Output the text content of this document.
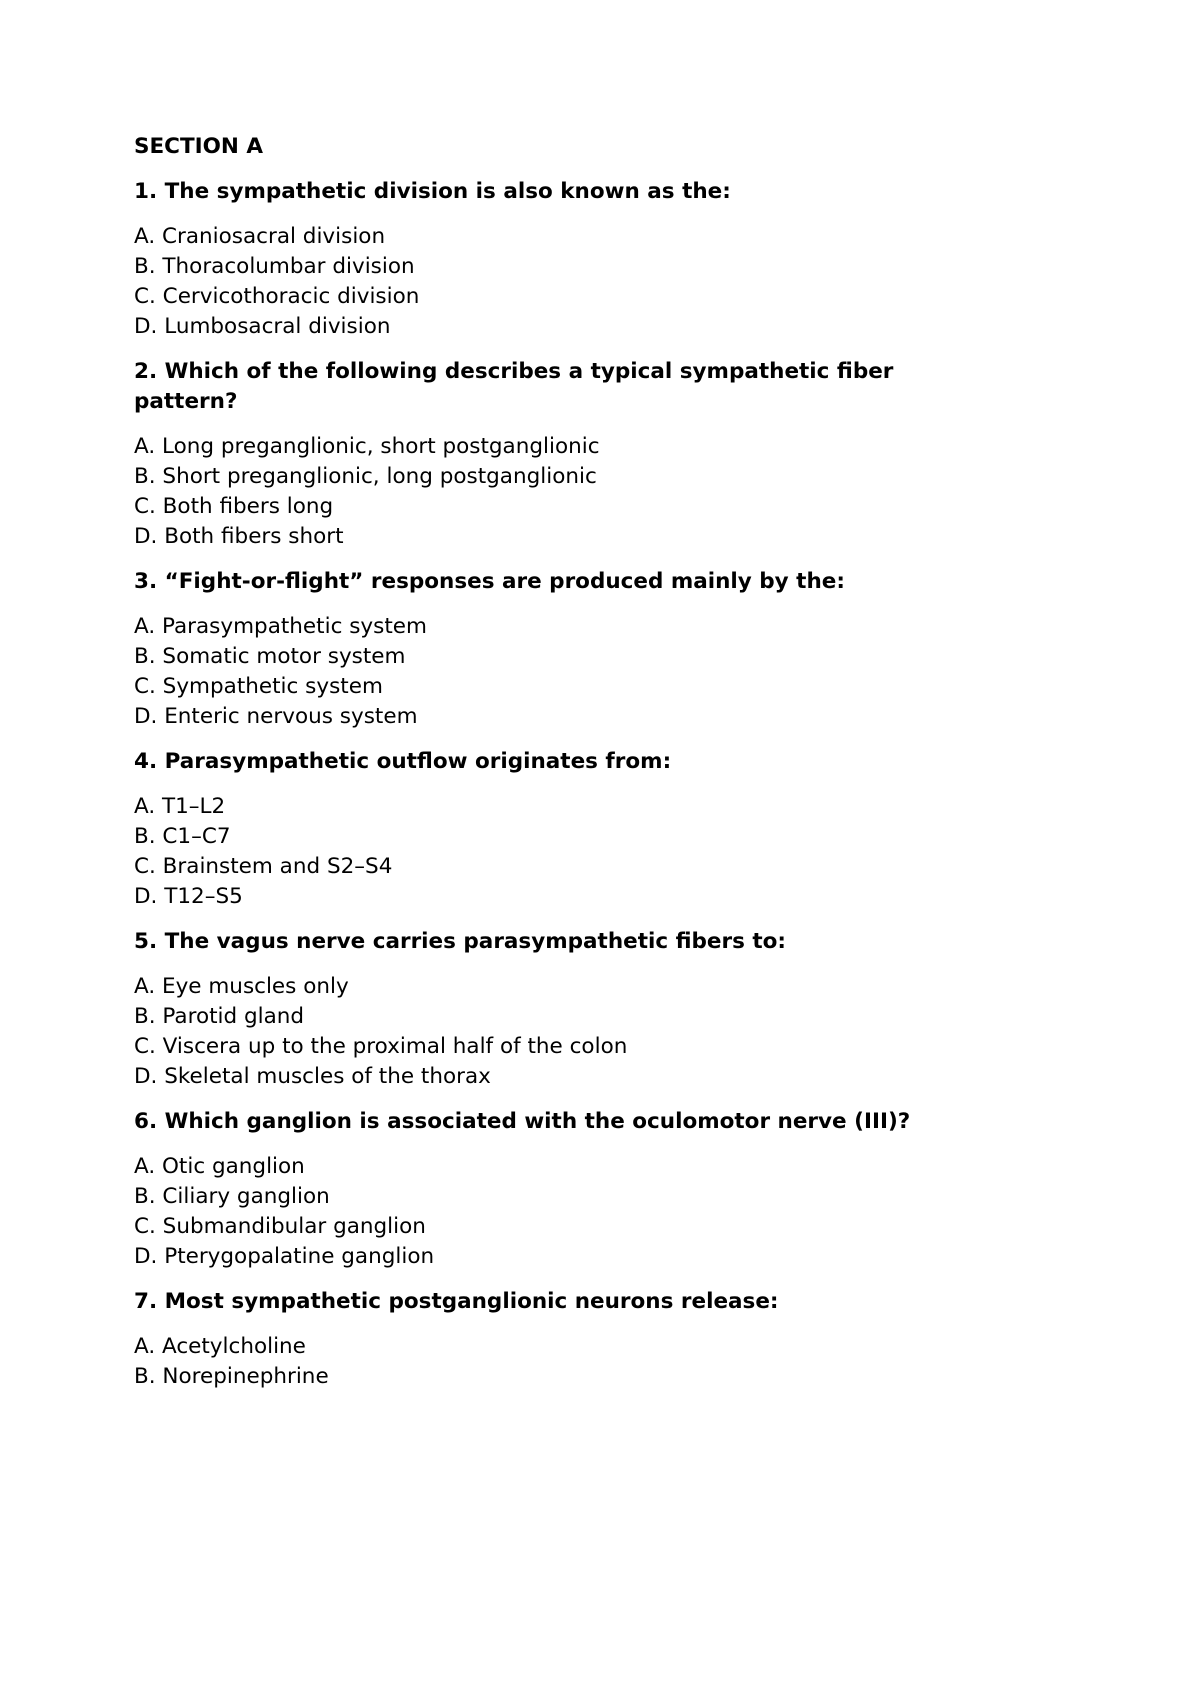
SECTION A
1. The sympathetic division is also known as the:
A. Craniosacral division
B. Thoracolumbar division
C. Cervicothoracic division
D. Lumbosacral division
2. Which of the following describes a typical sympathetic fiber pattern?
A. Long preganglionic, short postganglionic
B. Short preganglionic, long postganglionic
C. Both fibers long
D. Both fibers short
3. “Fight-or-flight” responses are produced mainly by the:
A. Parasympathetic system
B. Somatic motor system
C. Sympathetic system
D. Enteric nervous system
4. Parasympathetic outflow originates from:
A. T1–L2
B. C1–C7
C. Brainstem and S2–S4
D. T12–S5
5. The vagus nerve carries parasympathetic fibers to:
A. Eye muscles only
B. Parotid gland
C. Viscera up to the proximal half of the colon
D. Skeletal muscles of the thorax
6. Which ganglion is associated with the oculomotor nerve (III)?
A. Otic ganglion
B. Ciliary ganglion
C. Submandibular ganglion
D. Pterygopalatine ganglion
7. Most sympathetic postganglionic neurons release:
A. Acetylcholine
B. Norepinephrine
